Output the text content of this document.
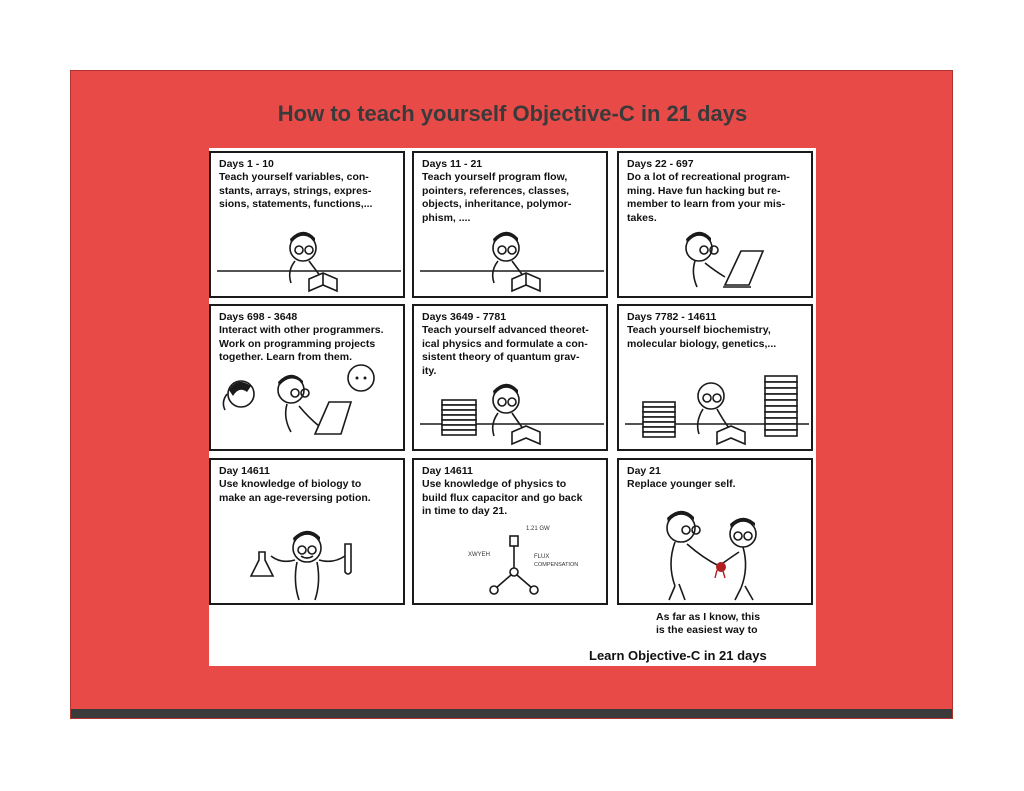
How to teach yourself Objective-C in 21 days
Days 1 - 10
Teach yourself variables, con-
stants, arrays, strings, expres-
sions, statements, functions,...
Days 11 - 21
Teach yourself program flow,
pointers, references, classes,
objects, inheritance, polymor-
phism, ....
Days 22 - 697
Do a lot of recreational program-
ming. Have fun hacking but re-
member to learn from your mis-
takes.
Days 698 - 3648
Interact with other programmers.
Work on programming projects
together. Learn from them.
Days 3649 - 7781
Teach yourself advanced theoret-
ical physics and formulate a con-
sistent theory of quantum grav-
ity.
Days 7782 - 14611
Teach yourself biochemistry,
molecular biology, genetics,...
Day 14611
Use knowledge of biology to
make an age-reversing potion.
Day 14611
Use knowledge of physics to
build flux capacitor and go back
in time to day 21.
1.21 GW
XWYEH	FLUX
COMPENSATION
Day 21
Replace younger self.
As far as I know, this
is the easiest way to
Learn Objective-C in 21 days
